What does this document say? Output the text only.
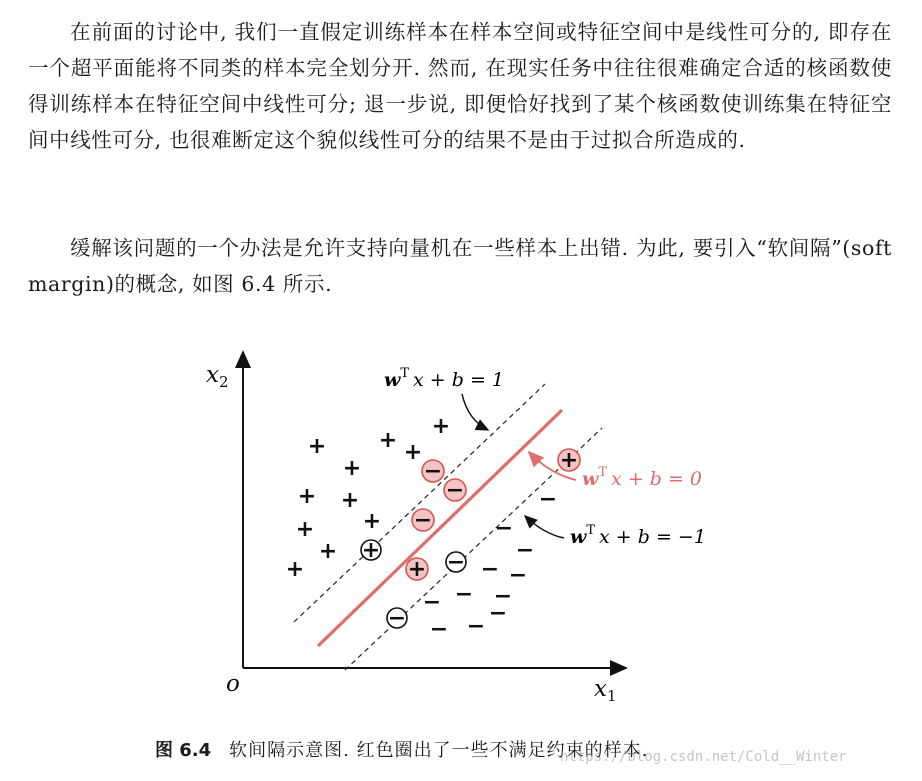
在前面的讨论中, 我们一直假定训练样本在样本空间或特征空间中是线性可分的, 即存在一个超平面能将不同类的样本完全划分开. 然而, 在现实任务中往往很难确定合适的核函数使得训练样本在特征空间中线性可分; 退一步说, 即便恰好找到了某个核函数使训练集在特征空间中线性可分, 也很难断定这个貌似线性可分的结果不是由于过拟合所造成的.

缓解该问题的一个办法是允许支持向量机在一些样本上出错. 为此, 要引入“软间隔”(soft margin)的概念, 如图 6.4 所示.

$x_2$
$x_1$
o
$w^T$ x + b = 1
$w^T$ x + b = 0
$w^T$ x + b = −1
+ +
+
+
+
+ +
+
+
+
+
−
−
−
− −
− −
− −
−
−
+	−
−
−
−
−
+
+
图 6.4 软间隔示意图. 红色圈出了一些不满足约束的样本.
https://blog.csdn.net/Cold__Winter
